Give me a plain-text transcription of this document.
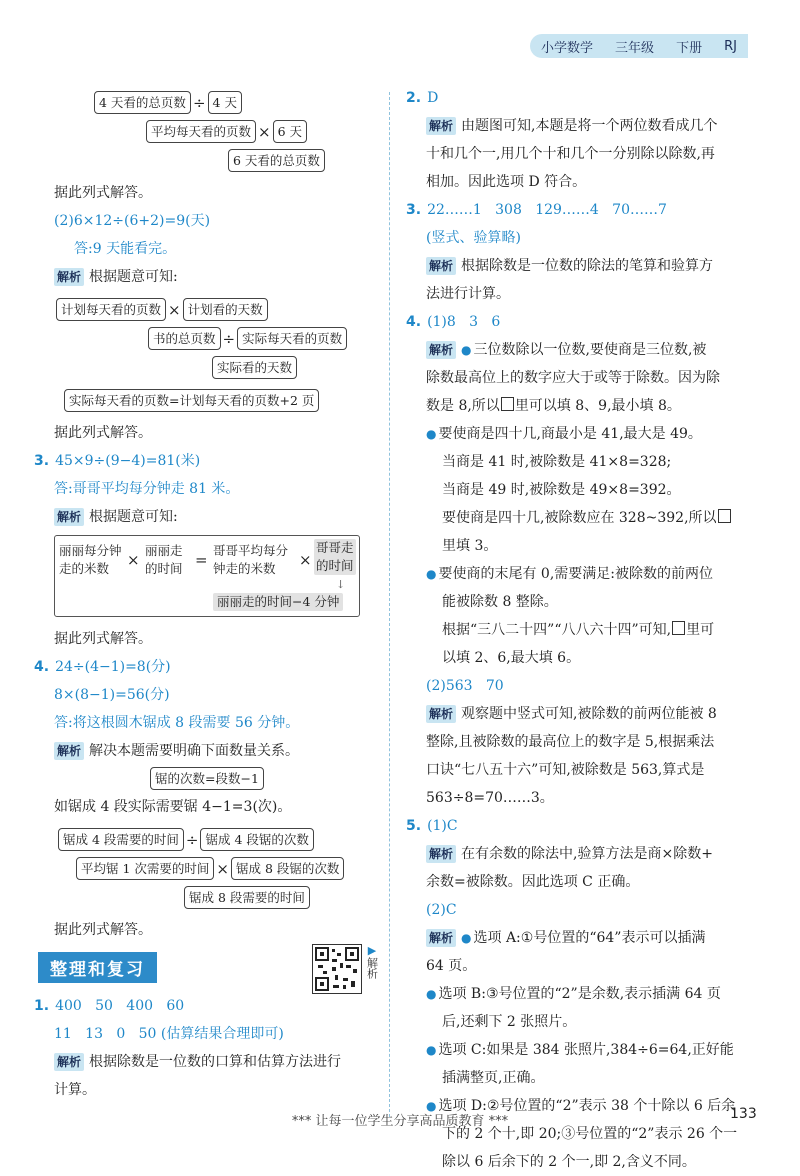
小学数学 三年级 下册 RJ
4 天看的总页数 ÷ 4 天
平均每天看的页数 × 6 天
6 天看的总页数
据此列式解答。
(2)6×12÷(6+2)=9(天)
答:9 天能看完。
解析 根据题意可知:
计划每天看的页数 × 计划看的天数
书的总页数 ÷ 实际每天看的页数
实际看的天数
实际每天看的页数=计划每天看的页数+2 页
据此列式解答。
3. 45×9÷(9−4)=81(米)
答:哥哥平均每分钟走 81 米。
解析 根据题意可知:
丽丽每分钟
走的米数 ×
丽丽走
的时间 =
哥哥平均每分
钟走的米数 ×
哥哥走
的时间
↓
丽丽走的时间−4 分钟
据此列式解答。
4. 24÷(4−1)=8(分)
8×(8−1)=56(分)
答:将这根圆木锯成 8 段需要 56 分钟。
解析 解决本题需要明确下面数量关系。
锯的次数=段数−1
如锯成 4 段实际需要锯 4−1=3(次)。
锯成 4 段需要的时间 ÷ 锯成 4 段锯的次数
平均锯 1 次需要的时间 × 锯成 8 段锯的次数
锯成 8 段需要的时间
据此列式解答。
整理和复习
▶
解析
1. 400   50   400   60
11   13   0   50 (估算结果合理即可)
解析 根据除数是一位数的口算和估算方法进行
计算。
2. D
解析 由题图可知,本题是将一个两位数看成几个
十和几个一,用几个十和几个一分别除以除数,再
相加。因此选项 D 符合。
3. 22……1   308   129……4   70……7
(竖式、验算略)
解析 根据除数是一位数的除法的笔算和验算方
法进行计算。
4. (1)8   3   6
解析 ● 三位数除以一位数,要使商是三位数,被
除数最高位上的数字应大于或等于除数。因为除
数是 8,所以 里可以填 8、9,最小填 8。
● 要使商是四十几,商最小是 41,最大是 49。
当商是 41 时,被除数是 41×8=328;
当商是 49 时,被除数是 49×8=392。
要使商是四十几,被除数应在 328~392,所以
里填 3。
● 要使商的末尾有 0,需要满足:被除数的前两位
能被除数 8 整除。
根据“三八二十四”“八八六十四”可知, 里可
以填 2、6,最大填 6。
(2)563   70
解析 观察题中竖式可知,被除数的前两位能被 8
整除,且被除数的最高位上的数字是 5,根据乘法
口诀“七八五十六”可知,被除数是 563,算式是
563÷8=70……3。
5. (1)C
解析 在有余数的除法中,验算方法是商×除数+
余数=被除数。因此选项 C 正确。
(2)C
解析 ● 选项 A:①号位置的“64”表示可以插满
64 页。
● 选项 B:③号位置的“2”是余数,表示插满 64 页
后,还剩下 2 张照片。
● 选项 C:如果是 384 张照片,384÷6=64,正好能
插满整页,正确。
● 选项 D:②号位置的“2”表示 38 个十除以 6 后余
下的 2 个十,即 20;③号位置的“2”表示 26 个一
除以 6 后余下的 2 个一,即 2,含义不同。
*** 让每一位学生分享高品质教育 ***	133
